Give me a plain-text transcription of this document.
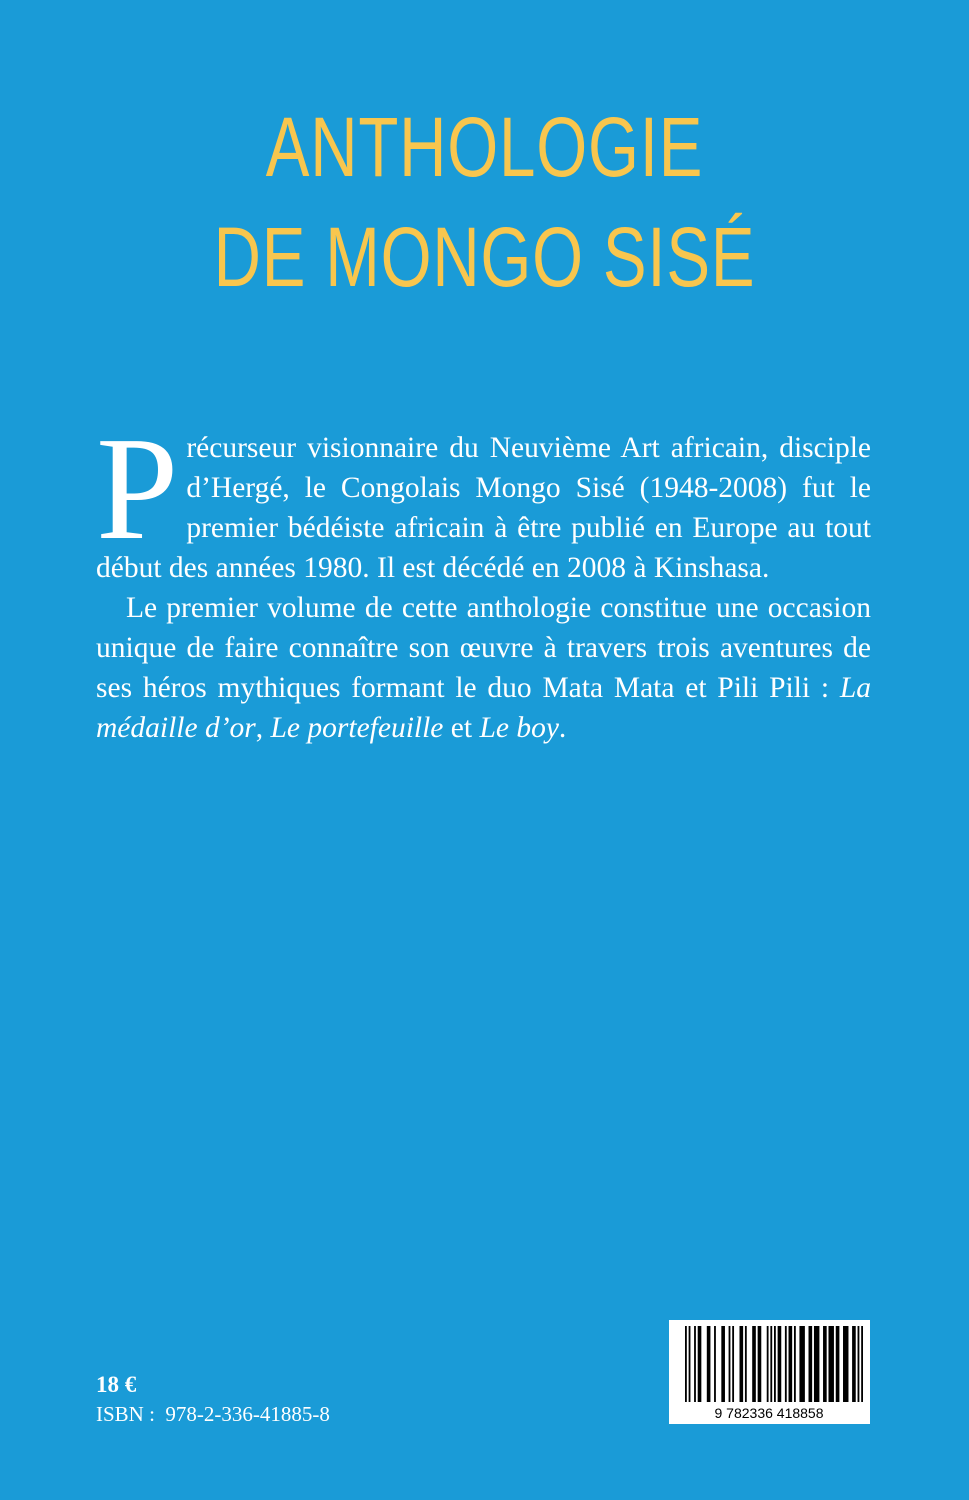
ANTHOLOGIE
DE MONGO SISÉ

Précurseur visionnaire du Neuvième Art africain, disciple d’Hergé, le Congolais Mongo Sisé (1948-2008) fut le premier bédéiste africain à être publié en Europe au tout début des années 1980. Il est décédé en 2008 à Kinshasa.

Le premier volume de cette anthologie constitue une occasion unique de faire connaître son œuvre à travers trois aventures de ses héros mythiques formant le duo Mata Mata et Pili Pili : La médaille d’or, Le portefeuille et Le boy.

18 €
ISBN :  978-2-336-41885-8	9 782336 418858
